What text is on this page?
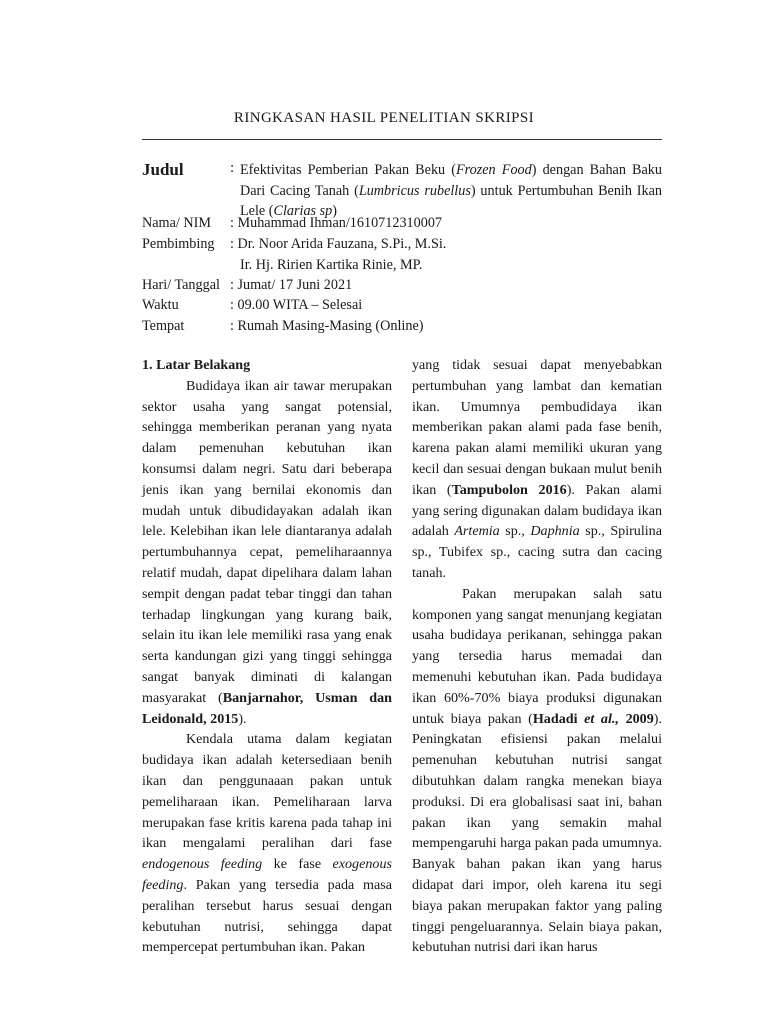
RINGKASAN HASIL PENELITIAN SKRIPSI
Judul	: Efektivitas Pemberian Pakan Beku (Frozen Food) dengan Bahan Baku Dari Cacing Tanah (Lumbricus rubellus) untuk Pertumbuhan Benih Ikan Lele (Clarias sp)
Nama/ NIM : Muhammad Ihman/1610712310007
Pembimbing : Dr. Noor Arida Fauzana, S.Pi., M.Si.
Ir. Hj. Ririen Kartika Rinie, MP.
Hari/ Tanggal : Jumat/ 17 Juni 2021
Waktu	: 09.00 WITA – Selesai
Tempat	: Rumah Masing-Masing (Online)

1. Latar Belakang

Budidaya ikan air tawar merupakan sektor usaha yang sangat potensial, sehingga memberikan peranan yang nyata dalam pemenuhan kebutuhan ikan konsumsi dalam negri. Satu dari beberapa jenis ikan yang bernilai ekonomis dan mudah untuk dibudidayakan adalah ikan lele. Kelebihan ikan lele diantaranya adalah pertumbuhannya cepat, pemeliharaannya relatif mudah, dapat dipelihara dalam lahan sempit dengan padat tebar tinggi dan tahan terhadap lingkungan yang kurang baik, selain itu ikan lele memiliki rasa yang enak serta kandungan gizi yang tinggi sehingga sangat banyak diminati di kalangan masyarakat (Banjarnahor, Usman dan Leidonald, 2015).

Kendala utama dalam kegiatan budidaya ikan adalah ketersediaan benih ikan dan penggunaaan pakan untuk pemeliharaan ikan. Pemeliharaan larva merupakan fase kritis karena pada tahap ini ikan mengalami peralihan dari fase endogenous feeding ke fase exogenous feeding. Pakan yang tersedia pada masa peralihan tersebut harus sesuai dengan kebutuhan nutrisi, sehingga dapat mempercepat pertumbuhan ikan. Pakan

yang tidak sesuai dapat menyebabkan pertumbuhan yang lambat dan kematian ikan. Umumnya pembudidaya ikan memberikan pakan alami pada fase benih, karena pakan alami memiliki ukuran yang kecil dan sesuai dengan bukaan mulut benih ikan (Tampubolon 2016). Pakan alami yang sering digunakan dalam budidaya ikan adalah Artemia sp., Daphnia sp., Spirulina sp., Tubifex sp., cacing sutra dan cacing tanah.

Pakan merupakan salah satu komponen yang sangat menunjang kegiatan usaha budidaya perikanan, sehingga pakan yang tersedia harus memadai dan memenuhi kebutuhan ikan. Pada budidaya ikan 60%-70% biaya produksi digunakan untuk biaya pakan (Hadadi et al., 2009). Peningkatan efisiensi pakan melalui pemenuhan kebutuhan nutrisi sangat dibutuhkan dalam rangka menekan biaya produksi. Di era globalisasi saat ini, bahan pakan ikan yang semakin mahal mempengaruhi harga pakan pada umumnya. Banyak bahan pakan ikan yang harus didapat dari impor, oleh karena itu segi biaya pakan merupakan faktor yang paling tinggi pengeluarannya. Selain biaya pakan, kebutuhan nutrisi dari ikan harus
